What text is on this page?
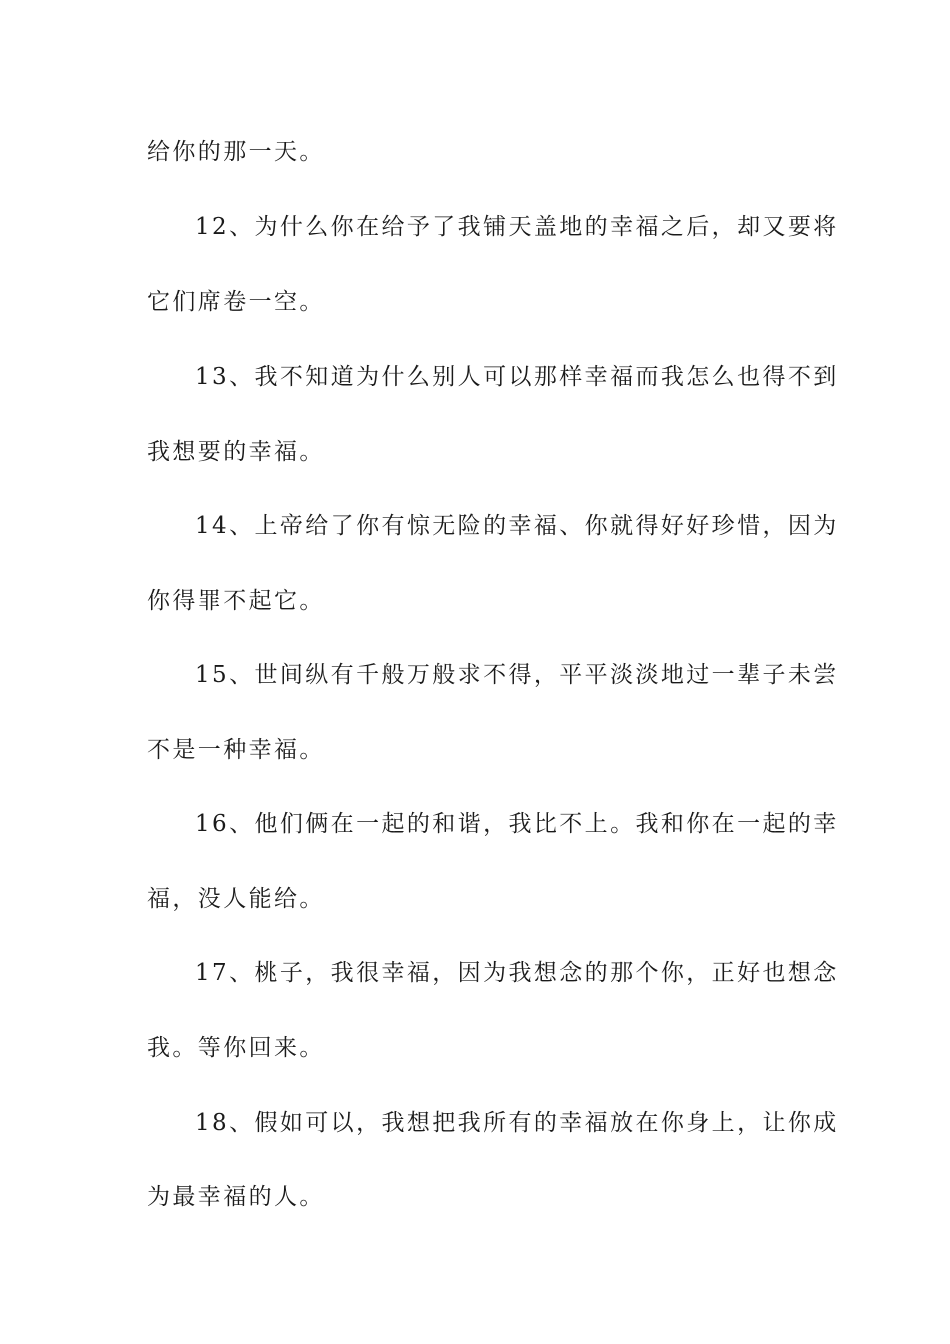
给你的那一天。
12、为什么你在给予了我铺天盖地的幸福之后，却又要将
它们席卷一空。
13、我不知道为什么别人可以那样幸福而我怎么也得不到
我想要的幸福。
14、上帝给了你有惊无险的幸福、你就得好好珍惜，因为
你得罪不起它。
15、世间纵有千般万般求不得，平平淡淡地过一辈子未尝
不是一种幸福。
16、他们俩在一起的和谐，我比不上。我和你在一起的幸
福，没人能给。
17、桃子，我很幸福，因为我想念的那个你，正好也想念
我。等你回来。
18、假如可以，我想把我所有的幸福放在你身上，让你成
为最幸福的人。
